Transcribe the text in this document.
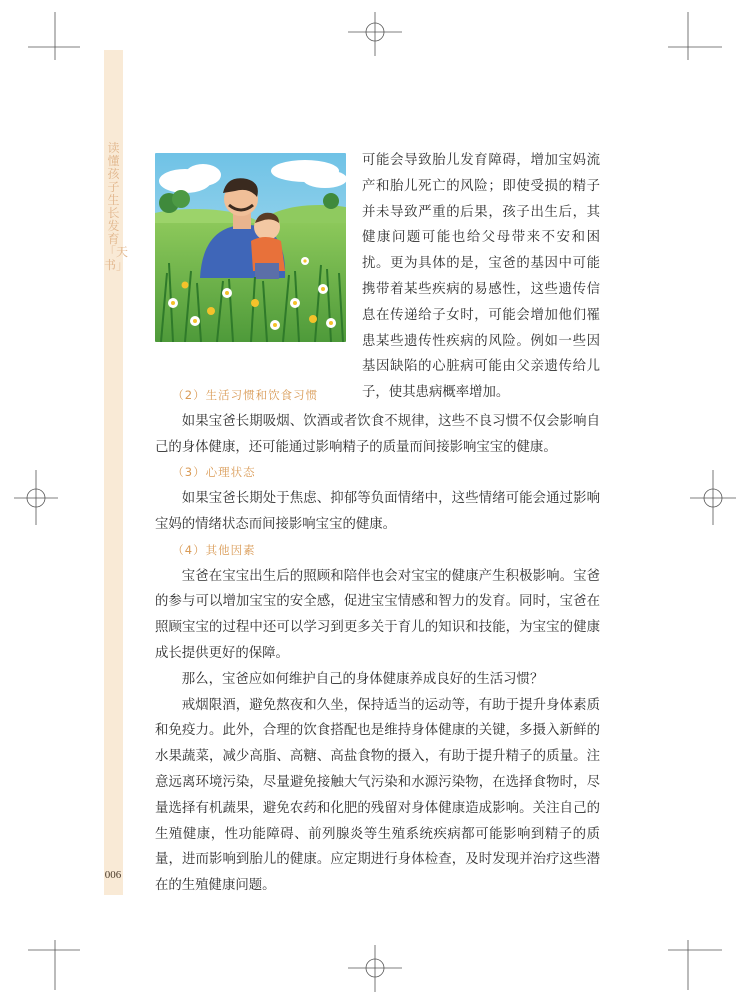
读懂孩子生长发育「天书」
006

可能会导致胎儿发育障碍，增加宝妈流产和胎儿死亡的风险；即使受损的精子并未导致严重的后果，孩子出生后，其健康问题可能也给父母带来不安和困扰。更为具体的是，宝爸的基因中可能携带着某些疾病的易感性，这些遗传信息在传递给子女时，可能会增加他们罹患某些遗传性疾病的风险。例如一些因基因缺陷的心脏病可能由父亲遗传给儿子，使其患病概率增加。

（2）生活习惯和饮食习惯

如果宝爸长期吸烟、饮酒或者饮食不规律，这些不良习惯不仅会影响自己的身体健康，还可能通过影响精子的质量而间接影响宝宝的健康。

（3）心理状态

如果宝爸长期处于焦虑、抑郁等负面情绪中，这些情绪可能会通过影响宝妈的情绪状态而间接影响宝宝的健康。

（4）其他因素

宝爸在宝宝出生后的照顾和陪伴也会对宝宝的健康产生积极影响。宝爸的参与可以增加宝宝的安全感，促进宝宝情感和智力的发育。同时，宝爸在照顾宝宝的过程中还可以学习到更多关于育儿的知识和技能，为宝宝的健康成长提供更好的保障。

那么，宝爸应如何维护自己的身体健康养成良好的生活习惯？

戒烟限酒，避免熬夜和久坐，保持适当的运动等，有助于提升身体素质和免疫力。此外，合理的饮食搭配也是维持身体健康的关键，多摄入新鲜的水果蔬菜，减少高脂、高糖、高盐食物的摄入，有助于提升精子的质量。注意远离环境污染，尽量避免接触大气污染和水源污染物，在选择食物时，尽量选择有机蔬果，避免农药和化肥的残留对身体健康造成影响。关注自己的生殖健康，性功能障碍、前列腺炎等生殖系统疾病都可能影响到精子的质量，进而影响到胎儿的健康。应定期进行身体检查，及时发现并治疗这些潜在的生殖健康问题。
